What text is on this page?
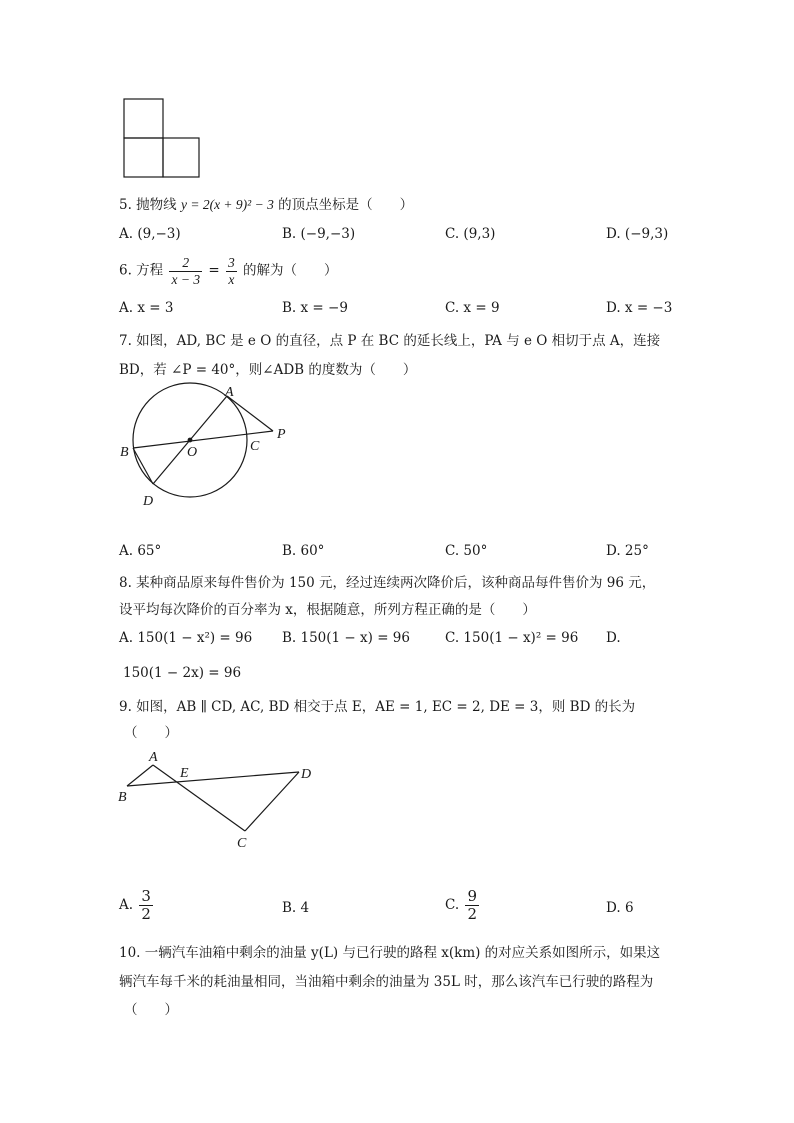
5. 抛物线 y = 2(x + 9)² − 3 的顶点坐标是（　　）
A. (9,−3)	B. (−9,−3)	C. (9,3)	D. (−9,3)
6. 方程 $\frac{2}{x - 3} = \frac{3}{x}$ 的解为（　　）
A. x = 3	B. x = −9	C. x = 9	D. x = −3
7. 如图，AD, BC 是 e O 的直径，点 P 在 BC 的延长线上，PA 与 e O 相切于点 A，连接
BD，若 ∠P = 40°，则∠ADB 的度数为（　　）
A
B	C
D
O
P
A. 65°	B. 60°	C. 50°	D. 25°
8. 某种商品原来每件售价为 150 元，经过连续两次降价后，该种商品每件售价为 96 元，
设平均每次降价的百分率为 x，根据随意，所列方程正确的是（　　）
A. 150(1 − x²) = 96 B. 150(1 − x) = 96	C. 150(1 − x)² = 96 D.
150(1 − 2x) = 96
9. 如图，AB ∥ CD, AC, BD 相交于点 E，AE = 1, EC = 2, DE = 3，则 BD 的长为
（　　）
A
B
E	D
C
A. $\frac{3}{2}$	B. 4	C. $\frac{9}{2}$	D. 6
10. 一辆汽车油箱中剩余的油量 y(L) 与已行驶的路程 x(km) 的对应关系如图所示，如果这
辆汽车每千米的耗油量相同，当油箱中剩余的油量为 35L 时，那么该汽车已行驶的路程为
（　　）
